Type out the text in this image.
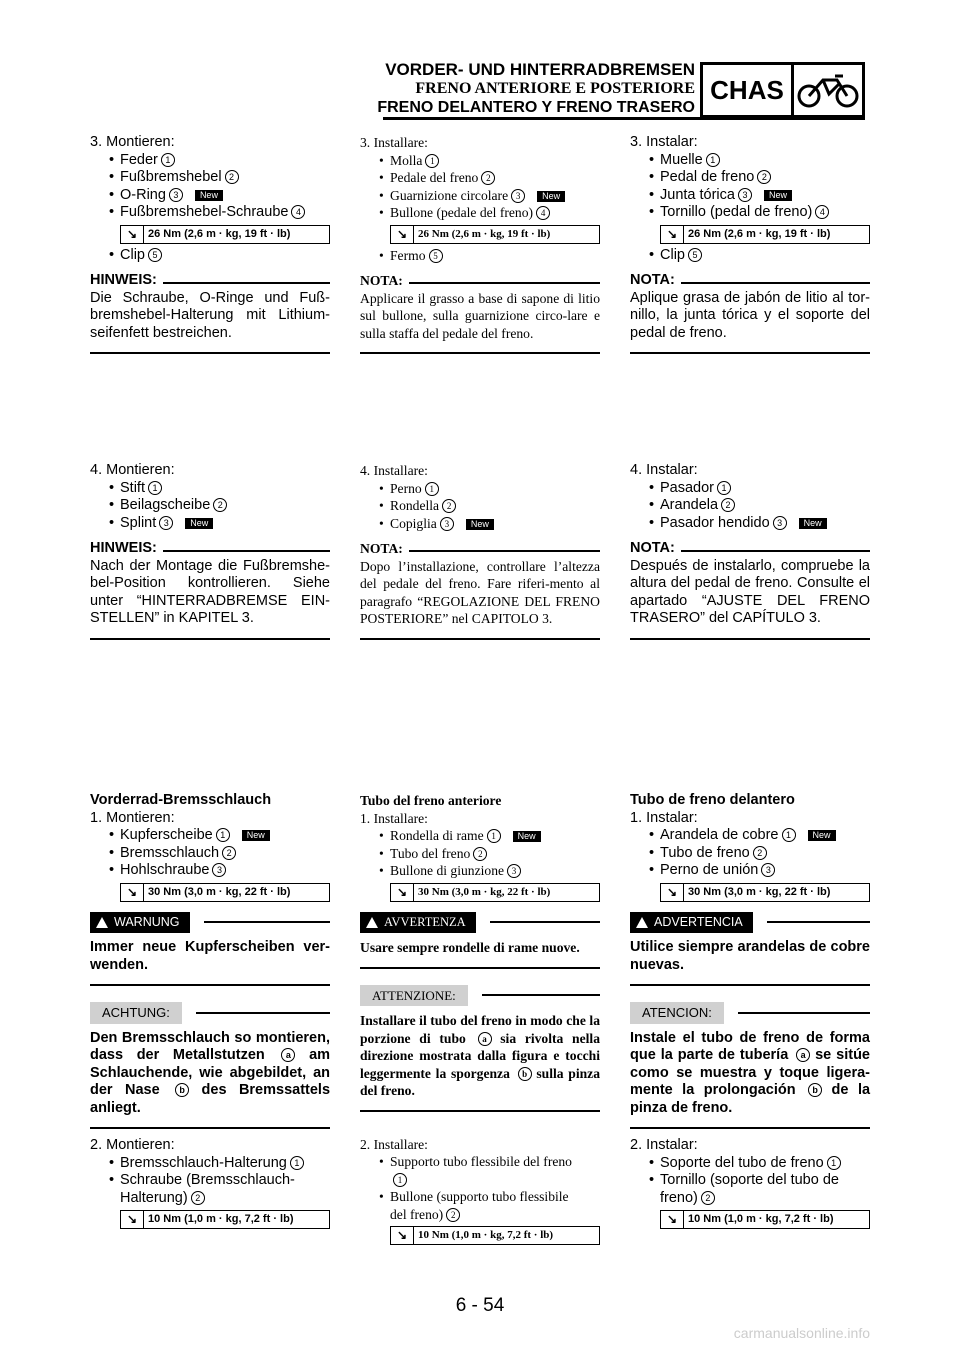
VORDER- UND HINTERRADBREMSEN
FRENO ANTERIORE E POSTERIORE
FRENO DELANTERO Y FRENO TRASERO
CHAS
3. Montieren:
• Feder 1
• Fußbremshebel 2
• O-Ring 3 New
• Fußbremshebel-Schraube 4
↘ 26 Nm (2,6 m · kg, 19 ft · lb)
• Clip 5
HINWEIS:
Die Schraube, O-Ringe und Fuß-bremshebel-Halterung mit Lithium-seifenfett bestreichen.
4. Montieren:
• Stift 1
• Beilagscheibe 2
• Splint 3 New
HINWEIS:
Nach der Montage die Fußbremshe-bel-Position kontrollieren. Siehe unter “HINTERRADBREMSE EIN-STELLEN” in KAPITEL 3.
Vorderrad-Bremsschlauch
1. Montieren:
• Kupferscheibe 1 New
• Bremsschlauch 2
• Hohlschraube 3
↘ 30 Nm (3,0 m · kg, 22 ft · lb)
WARNUNG
Immer neue Kupferscheiben ver-wenden.
ACHTUNG:
Den Bremsschlauch so montieren, dass der Metallstutzen a am Schlauchende, wie abgebildet, an der Nase b des Bremssattels anliegt.
2. Montieren:
• Bremsschlauch-Halterung 1
• Schraube (Bremsschlauch-
Halterung) 2
↘ 10 Nm (1,0 m · kg, 7,2 ft · lb)
3. Installare:
• Molla 1
• Pedale del freno 2
• Guarnizione circolare 3 New
• Bullone (pedale del freno) 4
↘ 26 Nm (2,6 m · kg, 19 ft · lb)
• Fermo 5
NOTA:
Applicare il grasso a base di sapone di litio sul bullone, sulla guarnizione circo-lare e sulla staffa del pedale del freno.
4. Installare:
• Perno 1
• Rondella 2
• Copiglia 3 New
NOTA:
Dopo l’installazione, controllare l’altezza del pedale del freno. Fare riferi-mento al paragrafo “REGOLAZIONE DEL FRENO POSTERIORE” nel CAPITOLO 3.
Tubo del freno anteriore
1. Installare:
• Rondella di rame 1 New
• Tubo del freno 2
• Bullone di giunzione 3
↘ 30 Nm (3,0 m · kg, 22 ft · lb)
AVVERTENZA
Usare sempre rondelle di rame nuove.
ATTENZIONE:
Installare il tubo del freno in modo che la porzione di tubo a sia rivolta nella direzione mostrata dalla figura e tocchi leggermente la sporgenza b sulla pinza del freno.
2. Installare:
• Supporto tubo flessibile del freno
1
• Bullone (supporto tubo flessibile
del freno) 2
↘ 10 Nm (1,0 m · kg, 7,2 ft · lb)
3. Instalar:
• Muelle 1
• Pedal de freno 2
• Junta tórica 3 New
• Tornillo (pedal de freno) 4
↘ 26 Nm (2,6 m · kg, 19 ft · lb)
• Clip 5
NOTA:
Aplique grasa de jabón de litio al tor-nillo, la junta tórica y el soporte del pedal de freno.
4. Instalar:
• Pasador 1
• Arandela 2
• Pasador hendido 3 New
NOTA:
Después de instalarlo, compruebe la altura del pedal de freno. Consulte el apartado “AJUSTE DEL FRENO TRASERO” del CAPÍTULO 3.
Tubo de freno delantero
1. Instalar:
• Arandela de cobre 1 New
• Tubo de freno 2
• Perno de unión 3
↘ 30 Nm (3,0 m · kg, 22 ft · lb)
ADVERTENCIA
Utilice siempre arandelas de cobre nuevas.
ATENCION:
Instale el tubo de freno de forma que la parte de tubería a se sitúe como se muestra y toque ligera-mente la prolongación b de la pinza de freno.
2. Instalar:
• Soporte del tubo de freno 1
• Tornillo (soporte del tubo de
freno) 2
↘ 10 Nm (1,0 m · kg, 7,2 ft · lb)
6 - 54
carmanualsonline.info
